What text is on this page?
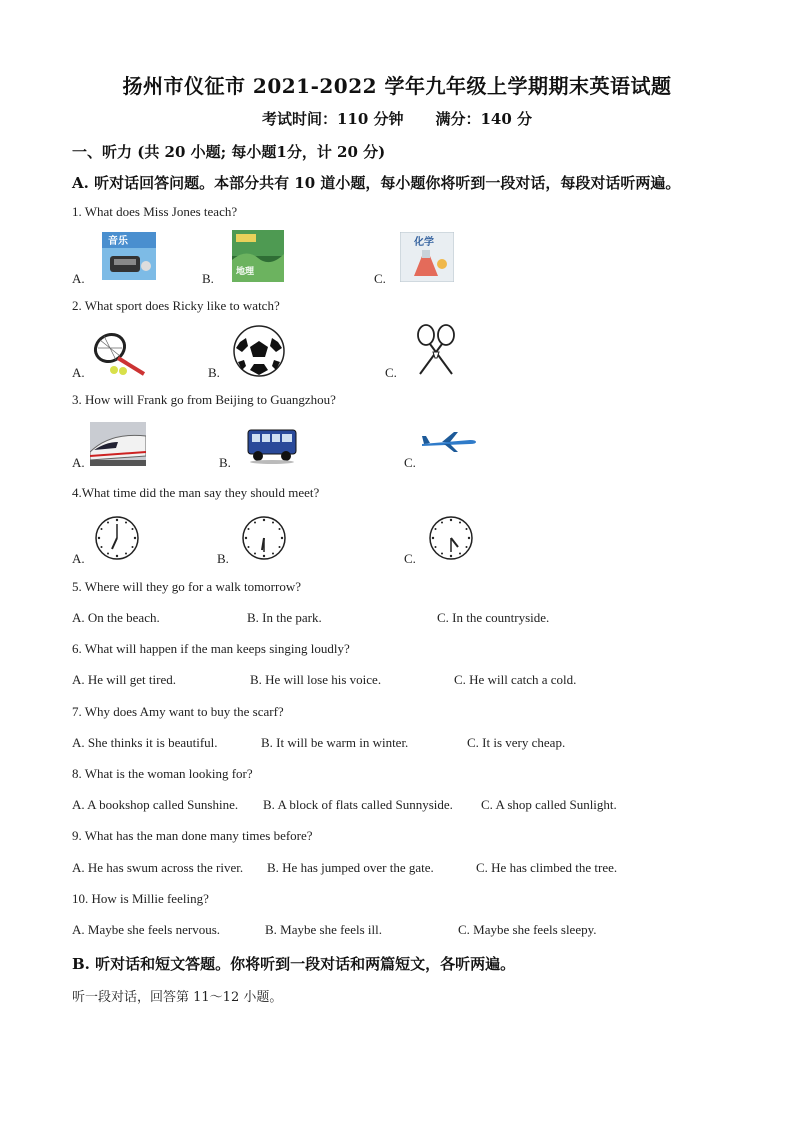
扬州市仪征市 2021-2022 学年九年级上学期期末英语试题
考试时间：110 分钟 满分：140 分
一、听力 (共 20 小题; 每小题1分，计 20 分)
A. 听对话回答问题。本部分共有 10 道小题，每小题你将听到一段对话，每段对话听两遍。
1. What does Miss Jones teach?
A.
音乐
B. 地理	C.
化学
2. What sport does Ricky like to watch?
A.	B.	C.
3. How will Frank go from Beijing to Guangzhou?
A.	B.	C.
4.What time did the man say they should meet?
A.	B.	C.
5. Where will they go for a walk tomorrow?
A. On the beach.	B. In the park.	C. In the countryside.
6. What will happen if the man keeps singing loudly?
A. He will get tired.	B. He will lose his voice.	C. He will catch a cold.
7. Why does Amy want to buy the scarf?
A. She thinks it is beautiful.	B. It will be warm in winter.	C. It is very cheap.
8. What is the woman looking for?
A. A bookshop called Sunshine. B. A block of flats called Sunnyside. C. A shop called Sunlight.
9. What has the man done many times before?
A. He has swum across the river. B. He has jumped over the gate.	C. He has climbed the tree.
10. How is Millie feeling?
A. Maybe she feels nervous.	B. Maybe she feels ill.	C. Maybe she feels sleepy.
B. 听对话和短文答题。你将听到一段对话和两篇短文，各听两遍。
听一段对话，回答第 11～12 小题。
